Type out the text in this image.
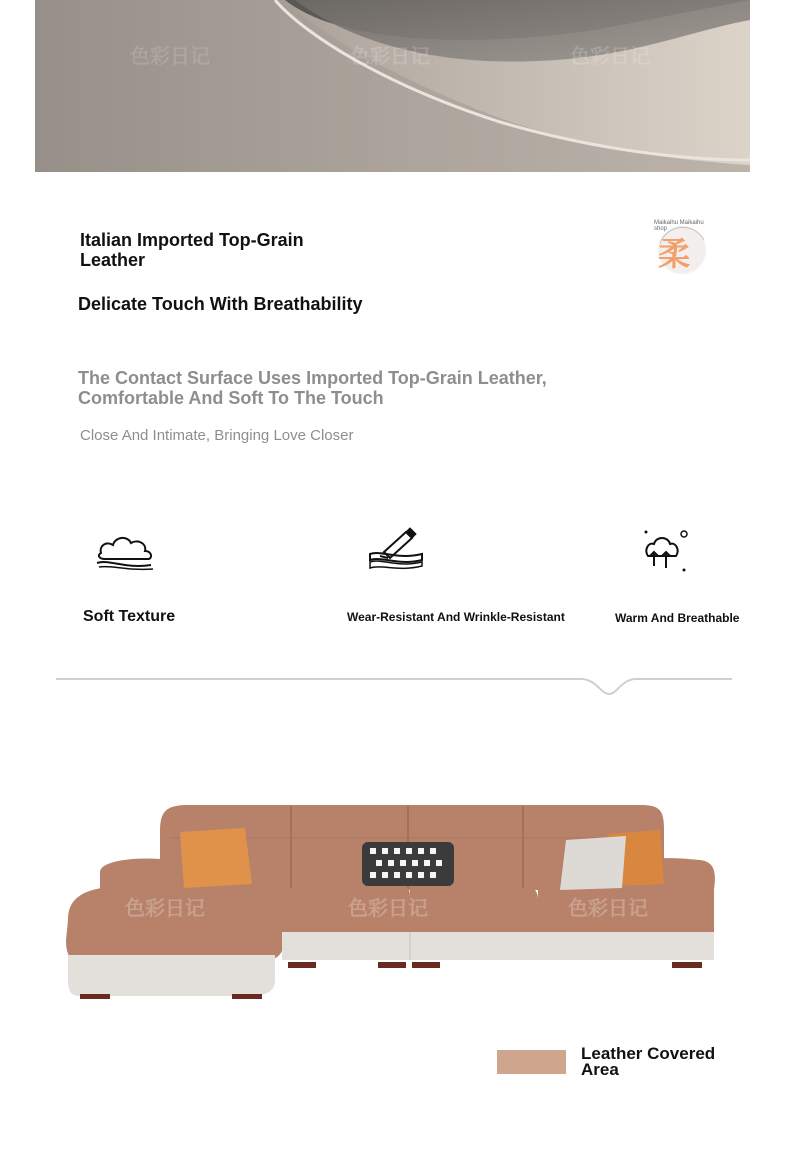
色彩日记	色彩日记
色彩日记
Italian Imported Top-Grain Leather
Delicate Touch With Breathability
The Contact Surface Uses Imported Top-Grain Leather, Comfortable And Soft To The Touch
Close And Intimate, Bringing Love Closer
柔
Maikaihu Maikaihu shop
Soft Texture	Wear-Resistant And Wrinkle-Resistant	Warm And Breathable
色彩日记	色彩日记	色彩日记
Leather Covered Area
